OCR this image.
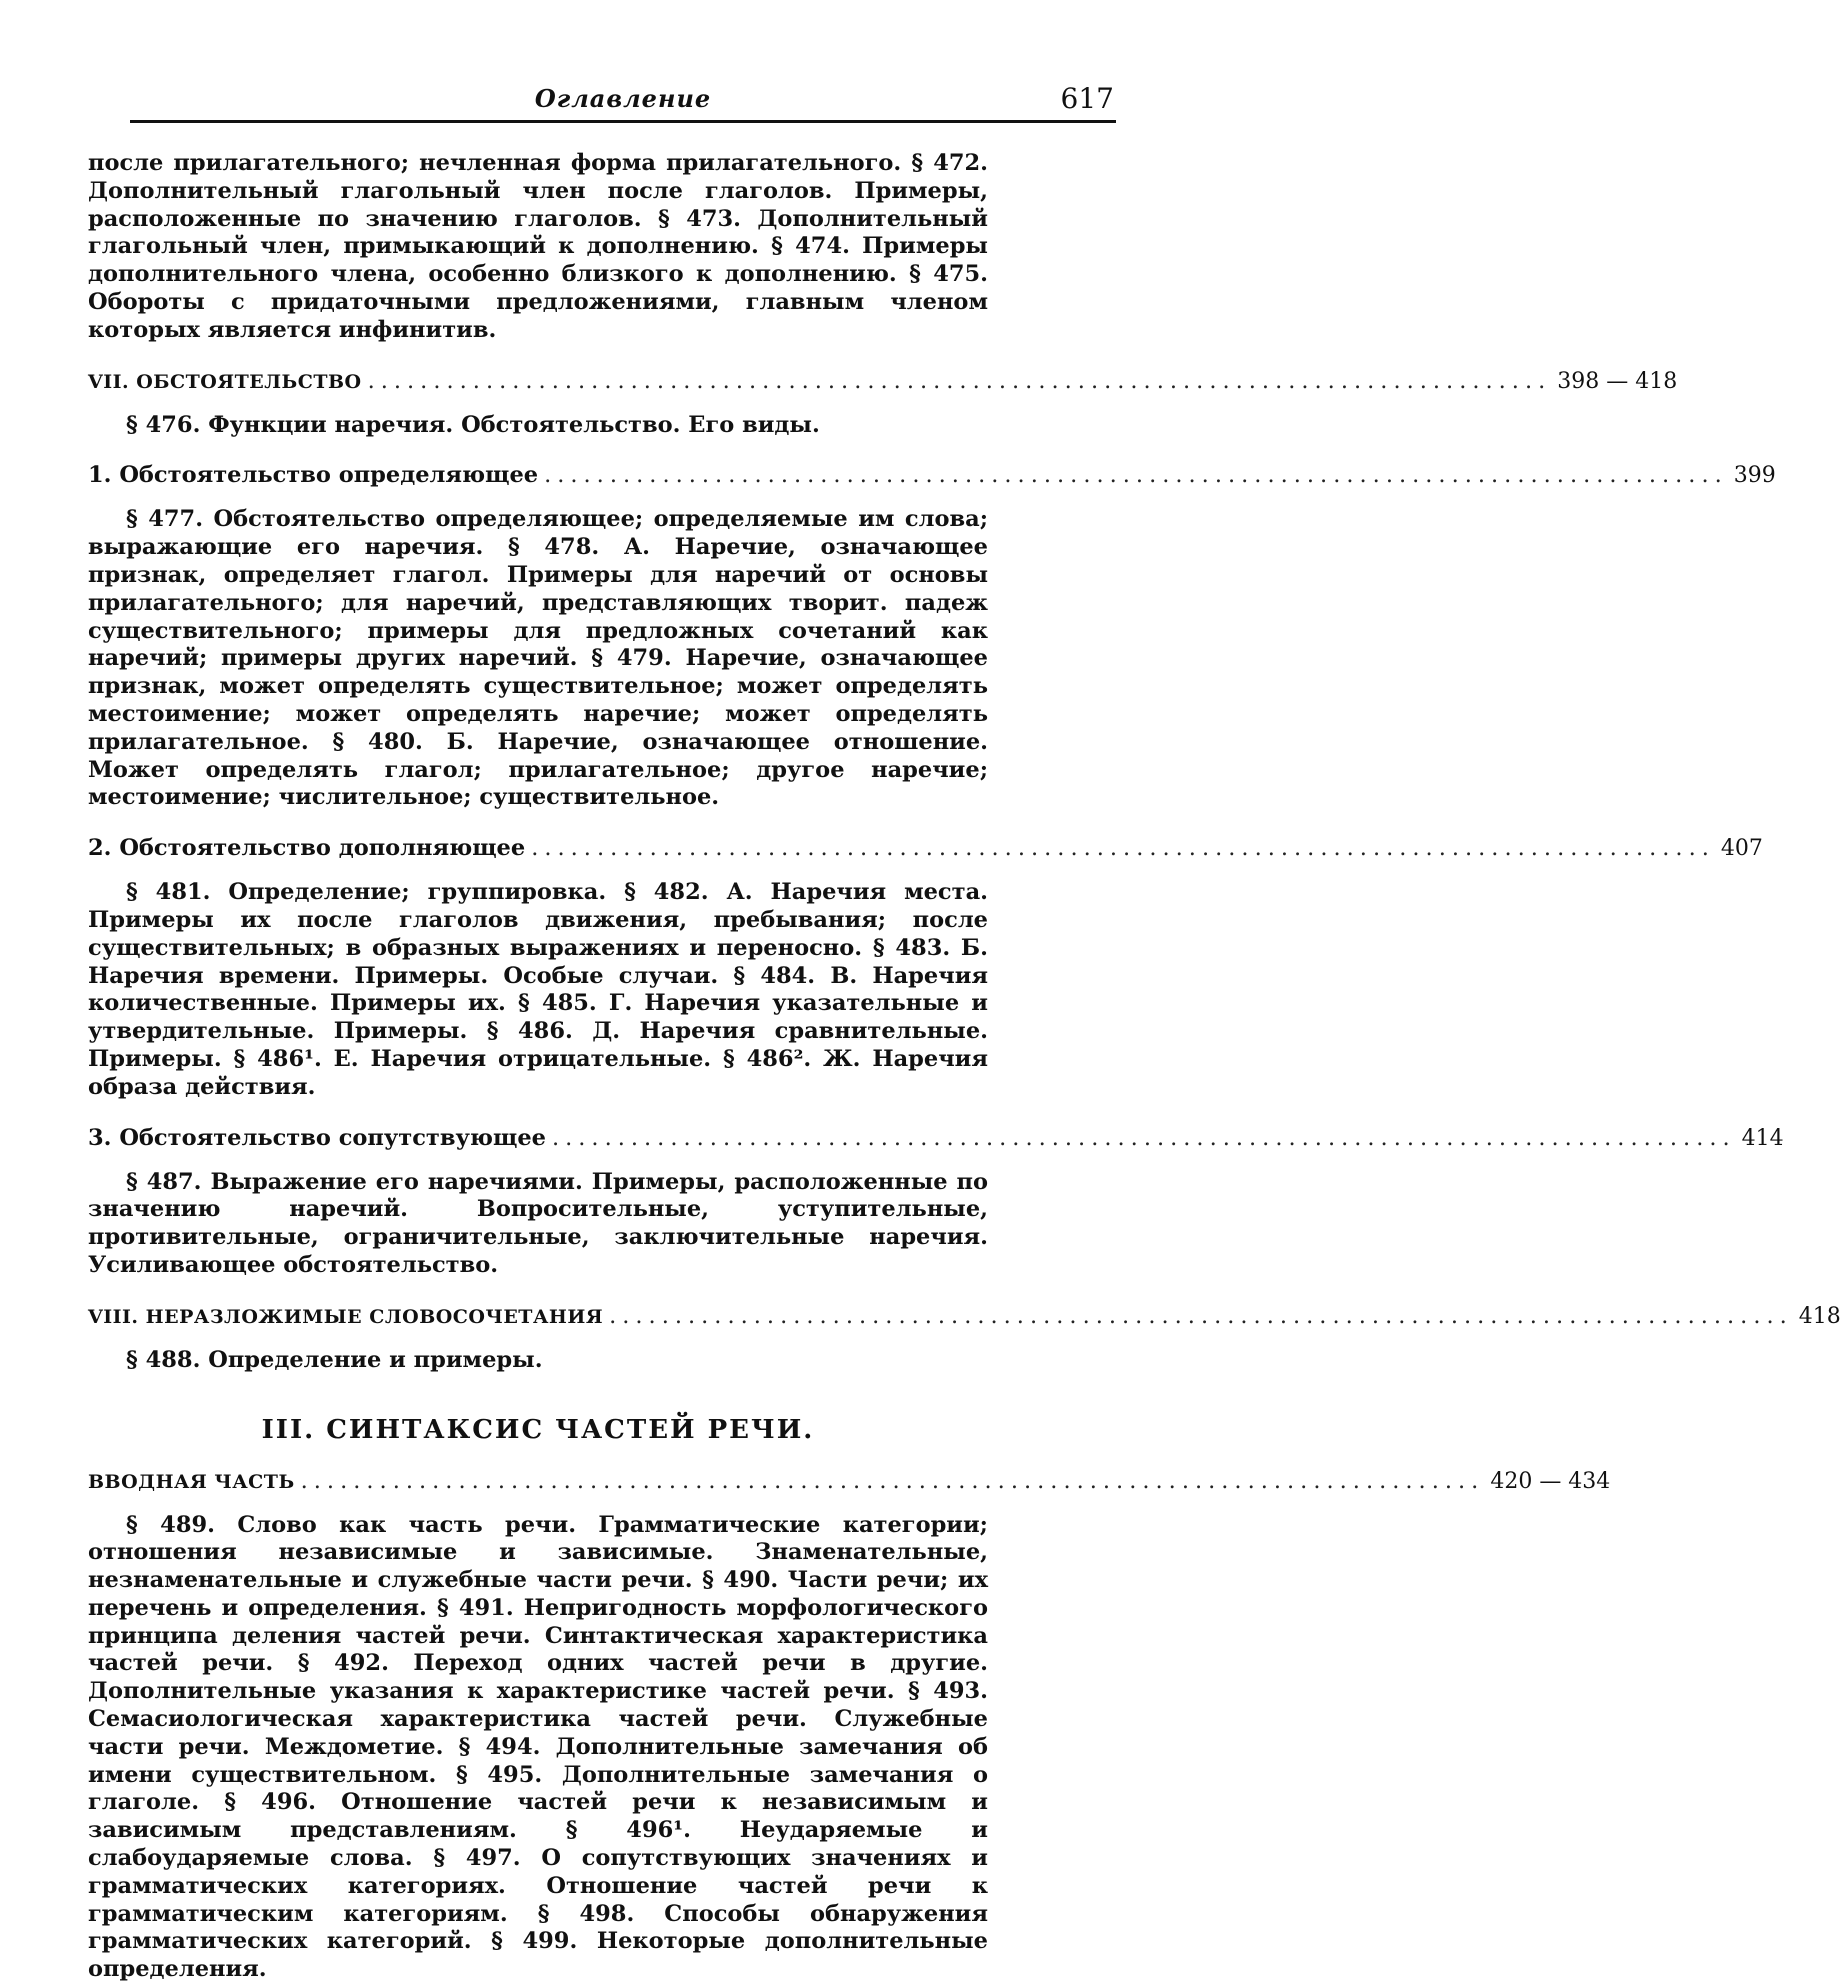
Оглавление	617

после прилагательного; нечленная форма прилагательного. § 472. Дополнительный глагольный член после глаголов. Примеры, расположенные по значению глаголов. § 473. Дополнительный глагольный член, примыкающий к дополнению. § 474. Примеры дополнительного члена, особенно близкого к дополнению. § 475. Обороты с придаточными предложениями, главным членом которых является инфинитив.

VII. ОБСТОЯТЕЛЬСТВО .......................................................................................... 398 — 418

§ 476. Функции наречия. Обстоятельство. Его виды.

1. Обстоятельство определяющее .......................................................................................... 399

§ 477. Обстоятельство определяющее; определяемые им слова; выражающие его наречия. § 478. А. Наречие, означающее признак, определяет глагол. Примеры для наречий от основы прилагательного; для наречий, представляющих творит. падеж существительного; примеры для предложных сочетаний как наречий; примеры других наречий. § 479. Наречие, означающее признак, может определять существительное; может определять местоимение; может определять наречие; может определять прилагательное. § 480. Б. Наречие, означающее отношение. Может определять глагол; прилагательное; другое наречие; местоимение; числительное; существительное.

2. Обстоятельство дополняющее .......................................................................................... 407

§ 481. Определение; группировка. § 482. А. Наречия места. Примеры их после глаголов движения, пребывания; после существительных; в образных выражениях и переносно. § 483. Б. Наречия времени. Примеры. Особые случаи. § 484. В. Наречия количественные. Примеры их. § 485. Г. Наречия указательные и утвердительные. Примеры. § 486. Д. Наречия сравнительные. Примеры. § 486¹. Е. Наречия отрицательные. § 486². Ж. Наречия образа действия.

3. Обстоятельство сопутствующее .......................................................................................... 414

§ 487. Выражение его наречиями. Примеры, расположенные по значению наречий. Вопросительные, уступительные, противительные, ограничительные, заключительные наречия. Усиливающее обстоятельство.

VIII. НЕРАЗЛОЖИМЫЕ СЛОВОСОЧЕТАНИЯ .......................................................................................... 418

§ 488. Определение и примеры.

III. СИНТАКСИС ЧАСТЕЙ РЕЧИ.
ВВОДНАЯ ЧАСТЬ .......................................................................................... 420 — 434

§ 489. Слово как часть речи. Грамматические категории; отношения независимые и зависимые. Знаменательные, незнаменательные и служебные части речи. § 490. Части речи; их перечень и определения. § 491. Непригодность морфологического принципа деления частей речи. Синтактическая характеристика частей речи. § 492. Переход одних частей речи в другие. Дополнительные указания к характеристике частей речи. § 493. Семасиологическая характеристика частей речи. Служебные части речи. Междометие. § 494. Дополнительные замечания об имени существительном. § 495. Дополнительные замечания о глаголе. § 496. Отношение частей речи к независимым и зависимым представлениям. § 496¹. Неударяемые и слабоударяемые слова. § 497. О сопутствующих значениях и грамматических категориях. Отношение частей речи к грамматическим категориям. § 498. Способы обнаружения грамматических категорий. § 499. Некоторые дополнительные определения.
